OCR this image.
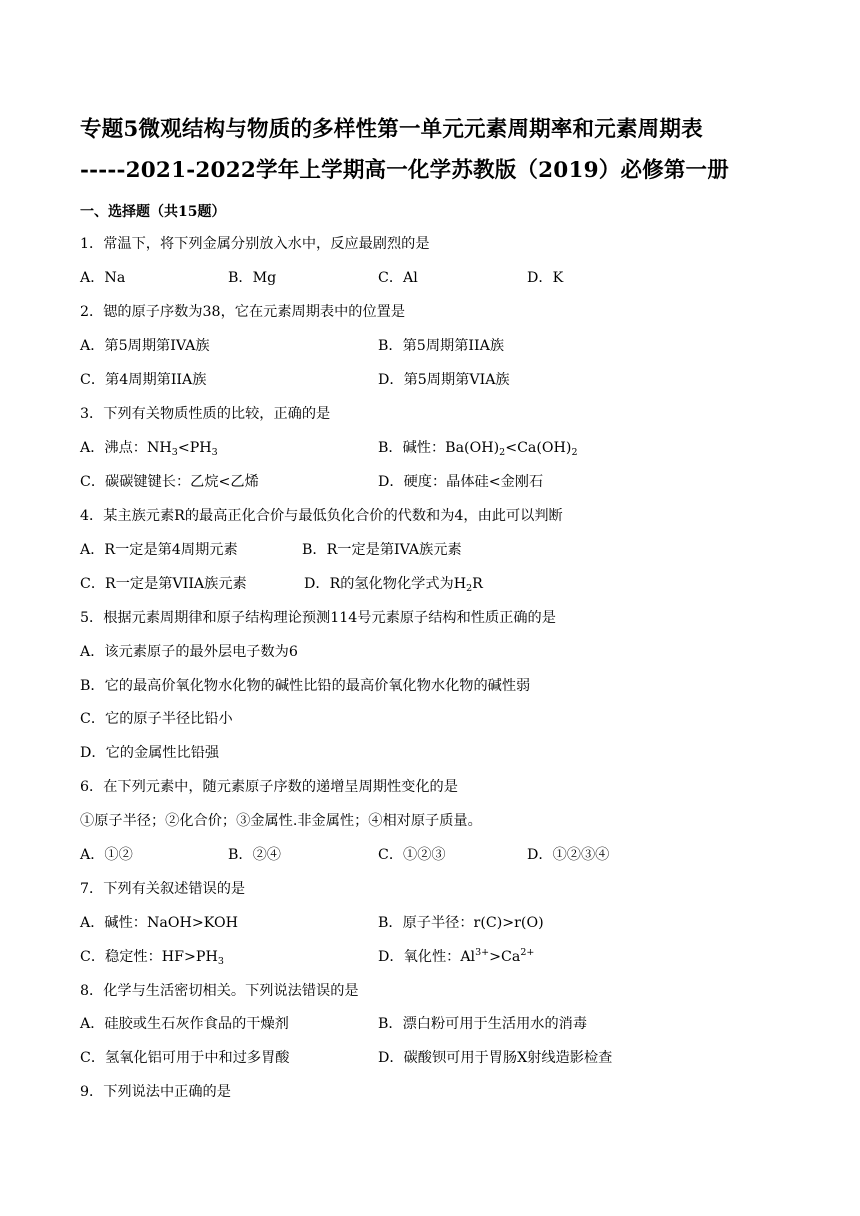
专题5微观结构与物质的多样性第一单元元素周期率和元素周期表
-----2021-2022学年上学期高一化学苏教版（2019）必修第一册
一、选择题（共15题）
1．常温下，将下列金属分别放入水中，反应最剧烈的是
A．Na	B．Mg	C．Al	D．K
2．锶的原子序数为38，它在元素周期表中的位置是
A．第5周期第IVA族	B．第5周期第IIA族
C．第4周期第IIA族	D．第5周期第VIA族
3．下列有关物质性质的比较，正确的是
A．沸点：$NH_3<PH_3$	B．碱性：$Ba(OH)_2<Ca(OH)_2$
C．碳碳键键长：乙烷<乙烯	D．硬度：晶体硅<金刚石
4．某主族元素R的最高正化合价与最低负化合价的代数和为4，由此可以判断
A．R一定是第4周期元素	B．R一定是第IVA族元素
C．R一定是第VIIA族元素	D．R的氢化物化学式为$H_2R$
5．根据元素周期律和原子结构理论预测114号元素原子结构和性质正确的是
A．该元素原子的最外层电子数为6
B．它的最高价氧化物水化物的碱性比铅的最高价氧化物水化物的碱性弱
C．它的原子半径比铅小
D．它的金属性比铅强
6．在下列元素中，随元素原子序数的递增呈周期性变化的是
①原子半径；②化合价；③金属性.非金属性；④相对原子质量。
A．①②	B．②④	C．①②③	D．①②③④
7．下列有关叙述错误的是
A．碱性：NaOH>KOH	B．原子半径：r(C)>r(O)
C．稳定性：$HF>PH_3$	D．氧化性：$Al^{3+}>Ca^{2+}$
8．化学与生活密切相关。下列说法错误的是
A．硅胶或生石灰作食品的干燥剂	B．漂白粉可用于生活用水的消毒
C．氢氧化铝可用于中和过多胃酸	D．碳酸钡可用于胃肠X射线造影检查
9．下列说法中正确的是
